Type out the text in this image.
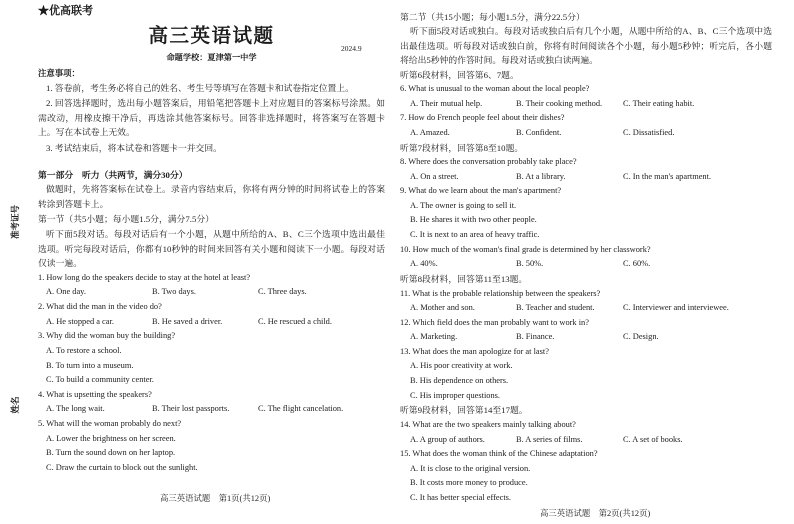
准考证号
姓名
★优高联考
高三英语试题
2024.9
命题学校：夏津第一中学
注意事项：
1. 答卷前，考生务必将自己的姓名、考生号等填写在答题卡和试卷指定位置上。
2. 回答选择题时，选出每小题答案后，用铅笔把答题卡上对应题目的答案标号涂黑。如需改动，用橡皮擦干净后，再选涂其他答案标号。回答非选择题时，将答案写在答题卡上。写在本试卷上无效。
3. 考试结束后，将本试卷和答题卡一并交回。
第一部分　听力（共两节，满分30分）
做题时，先将答案标在试卷上。录音内容结束后，你将有两分钟的时间将试卷上的答案转涂到答题卡上。
第一节（共5小题；每小题1.5分，满分7.5分）
听下面5段对话。每段对话后有一个小题，从题中所给的A、B、C三个选项中选出最佳选项。听完每段对话后，你都有10秒钟的时间来回答有关小题和阅读下一小题。每段对话仅读一遍。
1. How long do the speakers decide to stay at the hotel at least?
A. One day.	B. Two days.	C. Three days.
2. What did the man in the video do?
A. He stopped a car.	B. He saved a driver.	C. He rescued a child.
3. Why did the woman buy the building?
A. To restore a school.
B. To turn into a museum.
C. To build a community center.
4. What is upsetting the speakers?
A. The long wait.	B. Their lost passports.	C. The flight cancelation.
5. What will the woman probably do next?
A. Lower the brightness on her screen.
B. Turn the sound down on her laptop.
C. Draw the curtain to block out the sunlight.
高三英语试题　第1页(共12页)
第二节（共15小题；每小题1.5分，满分22.5分）
听下面5段对话或独白。每段对话或独白后有几个小题，从题中所给的A、B、C三个选项中选出最佳选项。听每段对话或独白前，你将有时间阅读各个小题，每小题5秒钟；听完后，各小题将给出5秒钟的作答时间。每段对话或独白读两遍。
听第6段材料，回答第6、7题。
6. What is unusual to the woman about the local people?
A. Their mutual help.	B. Their cooking method. C. Their eating habit.
7. How do French people feel about their dishes?
A. Amazed.	B. Confident.	C. Dissatisfied.
听第7段材料，回答第8至10题。
8. Where does the conversation probably take place?
A. On a street.	B. At a library.	C. In the man's apartment.
9. What do we learn about the man's apartment?
A. The owner is going to sell it.
B. He shares it with two other people.
C. It is next to an area of heavy traffic.
10. How much of the woman's final grade is determined by her classwork?
A. 40%.	B. 50%.	C. 60%.
听第8段材料，回答第11至13题。
11. What is the probable relationship between the speakers?
A. Mother and son.	B. Teacher and student.	C. Interviewer and interviewee.
12. Which field does the man probably want to work in?
A. Marketing.	B. Finance.	C. Design.
13. What does the man apologize for at last?
A. His poor creativity at work.
B. His dependence on others.
C. His improper questions.
听第9段材料，回答第14至17题。
14. What are the two speakers mainly talking about?
A. A group of authors.	B. A series of films.	C. A set of books.
15. What does the woman think of the Chinese adaptation?
A. It is close to the original version.
B. It costs more money to produce.
C. It has better special effects.
高三英语试题　第2页(共12页)
